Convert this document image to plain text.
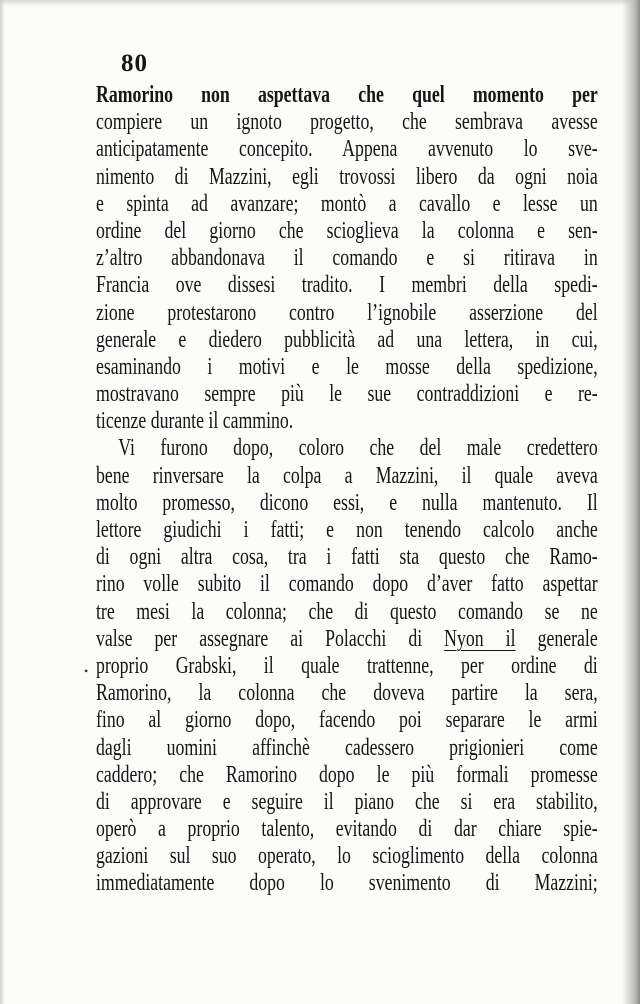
80

•
Ramorino non aspettava che quel momento per
compiere un ignoto progetto, che sembrava avesse
anticipatamente concepito. Appena avvenuto lo sve-
nimento di Mazzini, egli trovossi libero da ogni noia
e spinta ad avanzare; montò a cavallo e lesse un
ordine del giorno che scioglieva la colonna e sen-
z’altro abbandonava il comando e si ritirava in
Francia ove dissesi tradito. I membri della spedi-
zione protestarono contro l’ignobile asserzione del
generale e diedero pubblicità ad una lettera, in cui,
esaminando i motivi e le mosse della spedizione,
mostravano sempre più le sue contraddizioni e re-
ticenze durante il cammino.
Vi furono dopo, coloro che del male credettero
bene rinversare la colpa a Mazzini, il quale aveva
molto promesso, dicono essi, e nulla mantenuto. Il
lettore giudichi i fatti; e non tenendo calcolo anche
di ogni altra cosa, tra i fatti sta questo che Ramo-
rino volle subito il comando dopo d’aver fatto aspettar
tre mesi la colonna; che di questo comando se ne
valse per assegnare ai Polacchi di Nyon il generale
proprio Grabski, il quale trattenne, per ordine di
Ramorino, la colonna che doveva partire la sera,
fino al giorno dopo, facendo poi separare le armi
dagli uomini affinchè cadessero prigionieri come
caddero; che Ramorino dopo le più formali promesse
di approvare e seguire il piano che si era stabilito,
operò a proprio talento, evitando di dar chiare spie-
gazioni sul suo operato, lo scioglimento della colonna
immediatamente dopo lo svenimento di Mazzini;
